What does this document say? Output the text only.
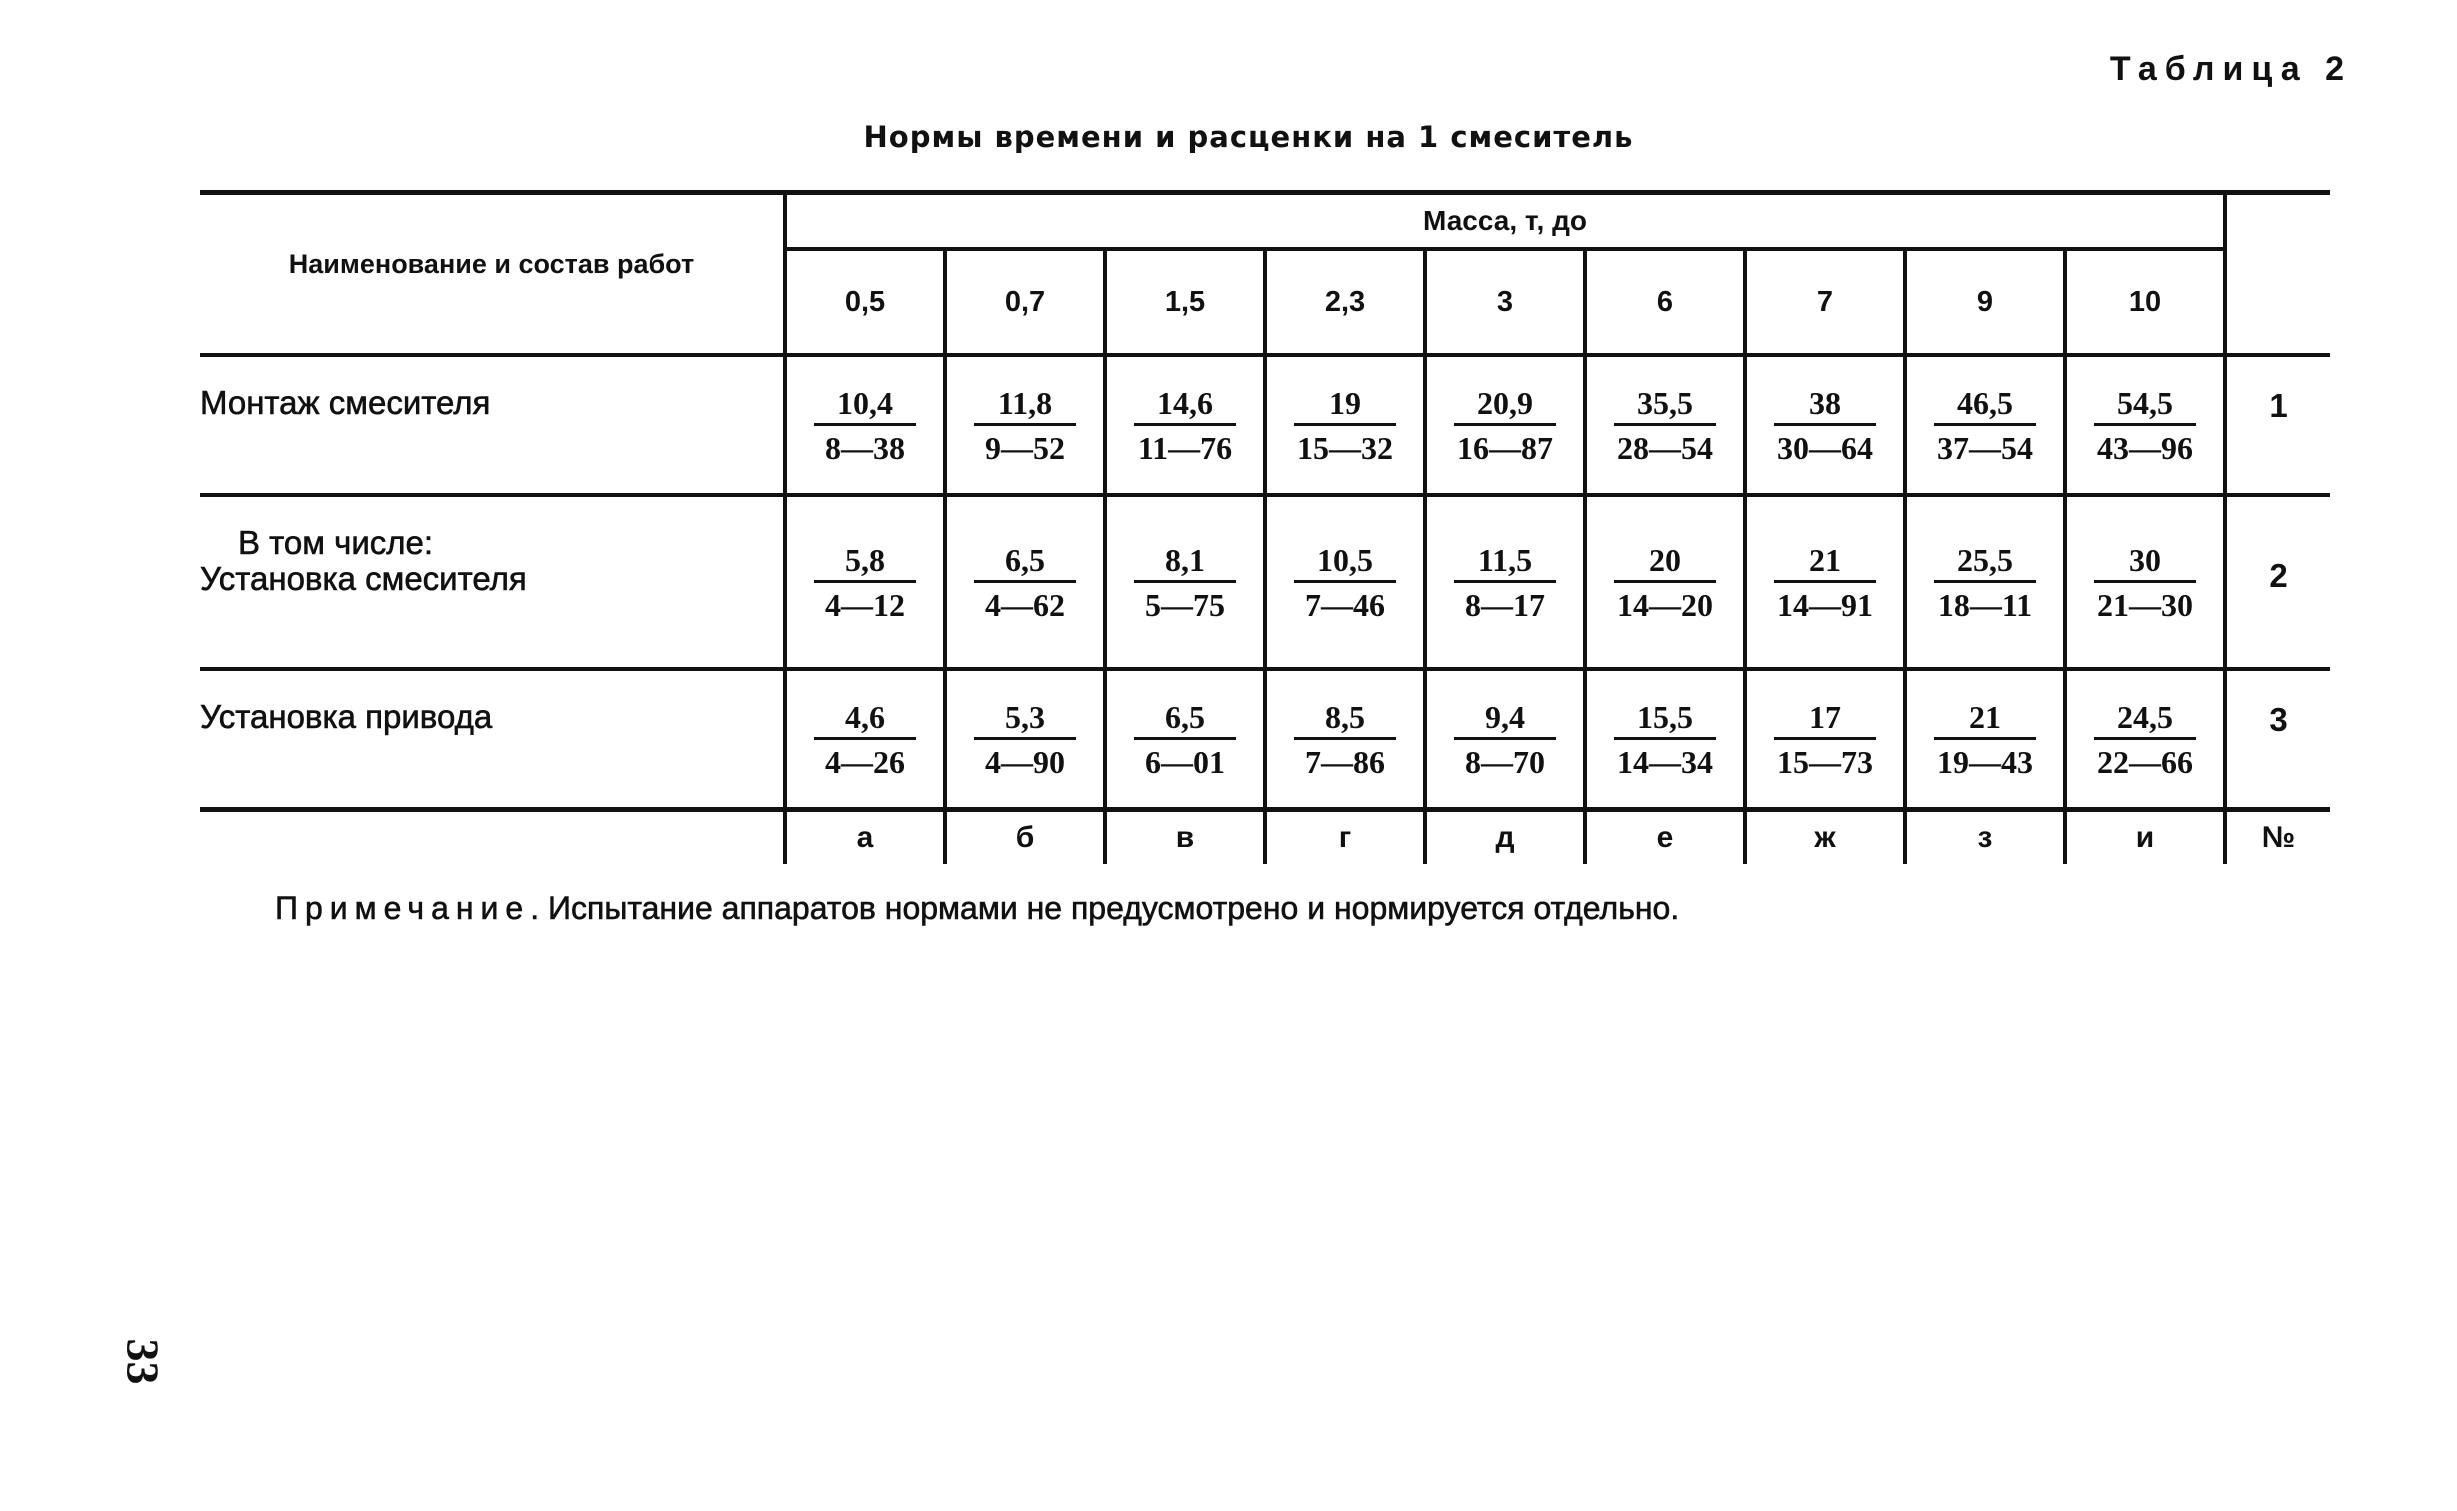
Таблица 2
Нормы времени и расценки на 1 смеситель
Наименование и состав работ	Масса, т, до									
	0,5	0,7	1,5	2,3	3	6	7	9	10	

Монтаж смесителя	$\frac{10,4}{8—38}$	$\frac{11,8}{9—52}$	$\frac{14,6}{11—76}$	$\frac{19}{15—32}$	$\frac{20,9}{16—87}$	$\frac{35,5}{28—54}$	$\frac{38}{30—64}$	$\frac{46,5}{37—54}$	$\frac{54,5}{43—96}$	1

В том числе:
Установка смесителя	$\frac{5,8}{4—12}$	$\frac{6,5}{4—62}$	$\frac{8,1}{5—75}$	$\frac{10,5}{7—46}$	$\frac{11,5}{8—17}$	$\frac{20}{14—20}$	$\frac{21}{14—91}$	$\frac{25,5}{18—11}$	$\frac{30}{21—30}$	2

Установка привода	$\frac{4,6}{4—26}$	$\frac{5,3}{4—90}$	$\frac{6,5}{6—01}$	$\frac{8,5}{7—86}$	$\frac{9,4}{8—70}$	$\frac{15,5}{14—34}$	$\frac{17}{15—73}$	$\frac{21}{19—43}$	$\frac{24,5}{22—66}$	3
	а	б	в	г	д	е	ж	з	и	№
Примечание. Испытание аппаратов нормами не предусмотрено и нормируется отдельно.
33
